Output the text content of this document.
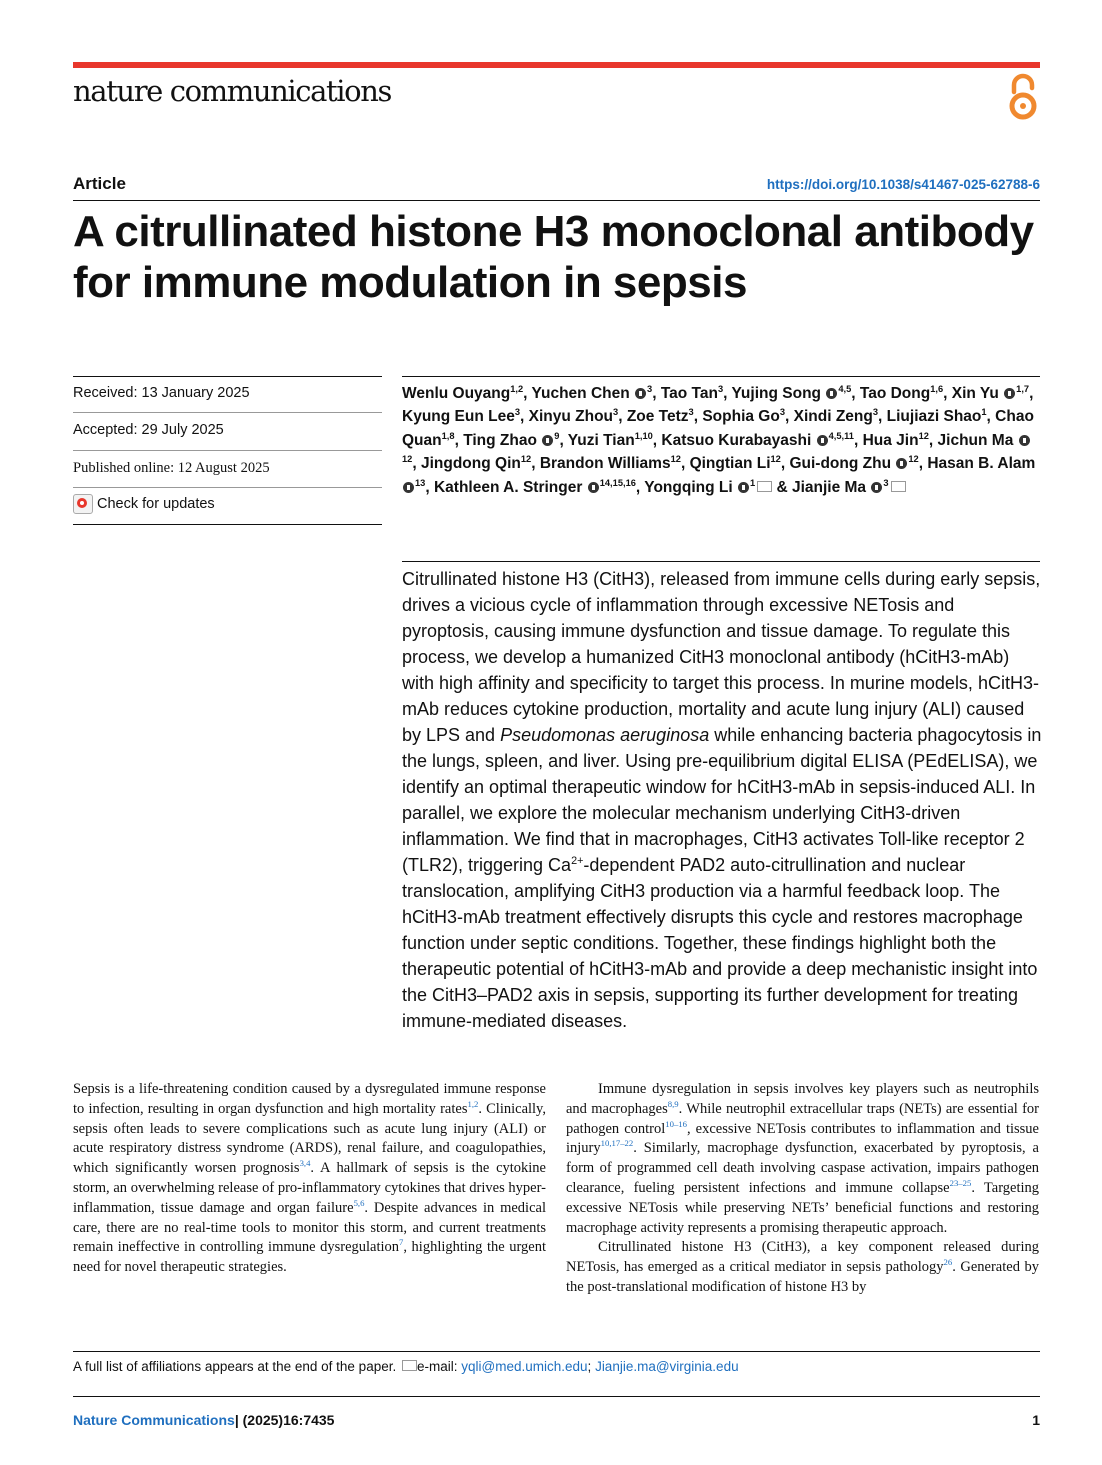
nature communications
Article	https://doi.org/10.1038/s41467-025-62788-6
A citrullinated histone H3 monoclonal antibody for immune modulation in sepsis
Received: 13 January 2025
Accepted: 29 July 2025
Published online: 12 August 2025
Check for updates

Wenlu Ouyang$^{1,2}$, Yuchen Chen $^3$, Tao Tan$^3$, Yujing Song $^{4,5}$, Tao Dong$^{1,6}$, Xin Yu $^{1,7}$, Kyung Eun Lee$^3$, Xinyu Zhou$^3$, Zoe Tetz$^3$, Sophia Go$^3$, Xindi Zeng$^3$, Liujiazi Shao$^1$, Chao Quan$^{1,8}$, Ting Zhao $^9$, Yuzi Tian$^{1,10}$, Katsuo Kurabayashi $^{4,5,11}$, Hua Jin$^{12}$, Jichun Ma $^{12}$, Jingdong Qin$^{12}$, Brandon Williams$^{12}$, Qingtian Li$^{12}$, Gui-dong Zhu $^{12}$, Hasan B. Alam $^{13}$, Kathleen A. Stringer $^{14,15,16}$, Yongqing Li $^1$ & Jianjie Ma $^3$

Citrullinated histone H3 (CitH3), released from immune cells during early sepsis, drives a vicious cycle of inflammation through excessive NETosis and pyroptosis, causing immune dysfunction and tissue damage. To regulate this process, we develop a humanized CitH3 monoclonal antibody (hCitH3-mAb) with high affinity and specificity to target this process. In murine models, hCitH3-mAb reduces cytokine production, mortality and acute lung injury (ALI) caused by LPS and Pseudomonas aeruginosa while enhancing bacteria phagocytosis in the lungs, spleen, and liver. Using pre-equilibrium digital ELISA (PEdELISA), we identify an optimal therapeutic window for hCitH3-mAb in sepsis-induced ALI. In parallel, we explore the molecular mechanism underlying CitH3-driven inflammation. We find that in macrophages, CitH3 activates Toll-like receptor 2 (TLR2), triggering $Ca^{2+}$-dependent PAD2 auto-citrullination and nuclear translocation, amplifying CitH3 production via a harmful feedback loop. The hCitH3-mAb treatment effectively disrupts this cycle and restores macrophage function under septic conditions. Together, these findings highlight both the therapeutic potential of hCitH3-mAb and provide a deep mechanistic insight into the CitH3–PAD2 axis in sepsis, supporting its further development for treating immune-mediated diseases.

Sepsis is a life-threatening condition caused by a dysregulated immune response to infection, resulting in organ dysfunction and high mortality rates$^{1,2}$. Clinically, sepsis often leads to severe complications such as acute lung injury (ALI) or acute respiratory distress syndrome (ARDS), renal failure, and coagulopathies, which significantly worsen prognosis$^{3,4}$. A hallmark of sepsis is the cytokine storm, an overwhelming release of pro-inflammatory cytokines that drives hyper-inflammation, tissue damage and organ failure$^{5,6}$. Despite advances in medical care, there are no real-time tools to monitor this storm, and current treatments remain ineffective in controlling immune dysregulation$^7$, highlighting the urgent need for novel therapeutic strategies.

Immune dysregulation in sepsis involves key players such as neutrophils and macrophages$^{8,9}$. While neutrophil extracellular traps (NETs) are essential for pathogen control$^{10-16}$, excessive NETosis contributes to inflammation and tissue injury$^{10,17-22}$. Similarly, macrophage dysfunction, exacerbated by pyroptosis, a form of programmed cell death involving caspase activation, impairs pathogen clearance, fueling persistent infections and immune collapse$^{23-25}$. Targeting excessive NETosis while preserving NETs’ beneficial functions and restoring macrophage activity represents a promising therapeutic approach.

Citrullinated histone H3 (CitH3), a key component released during NETosis, has emerged as a critical mediator in sepsis pathology$^{26}$. Generated by the post-translational modification of histone H3 by

A full list of affiliations appears at the end of the paper. e-mail: yqli@med.umich.edu; Jianjie.ma@virginia.edu
Nature Communications| (2025)16:7435	1
